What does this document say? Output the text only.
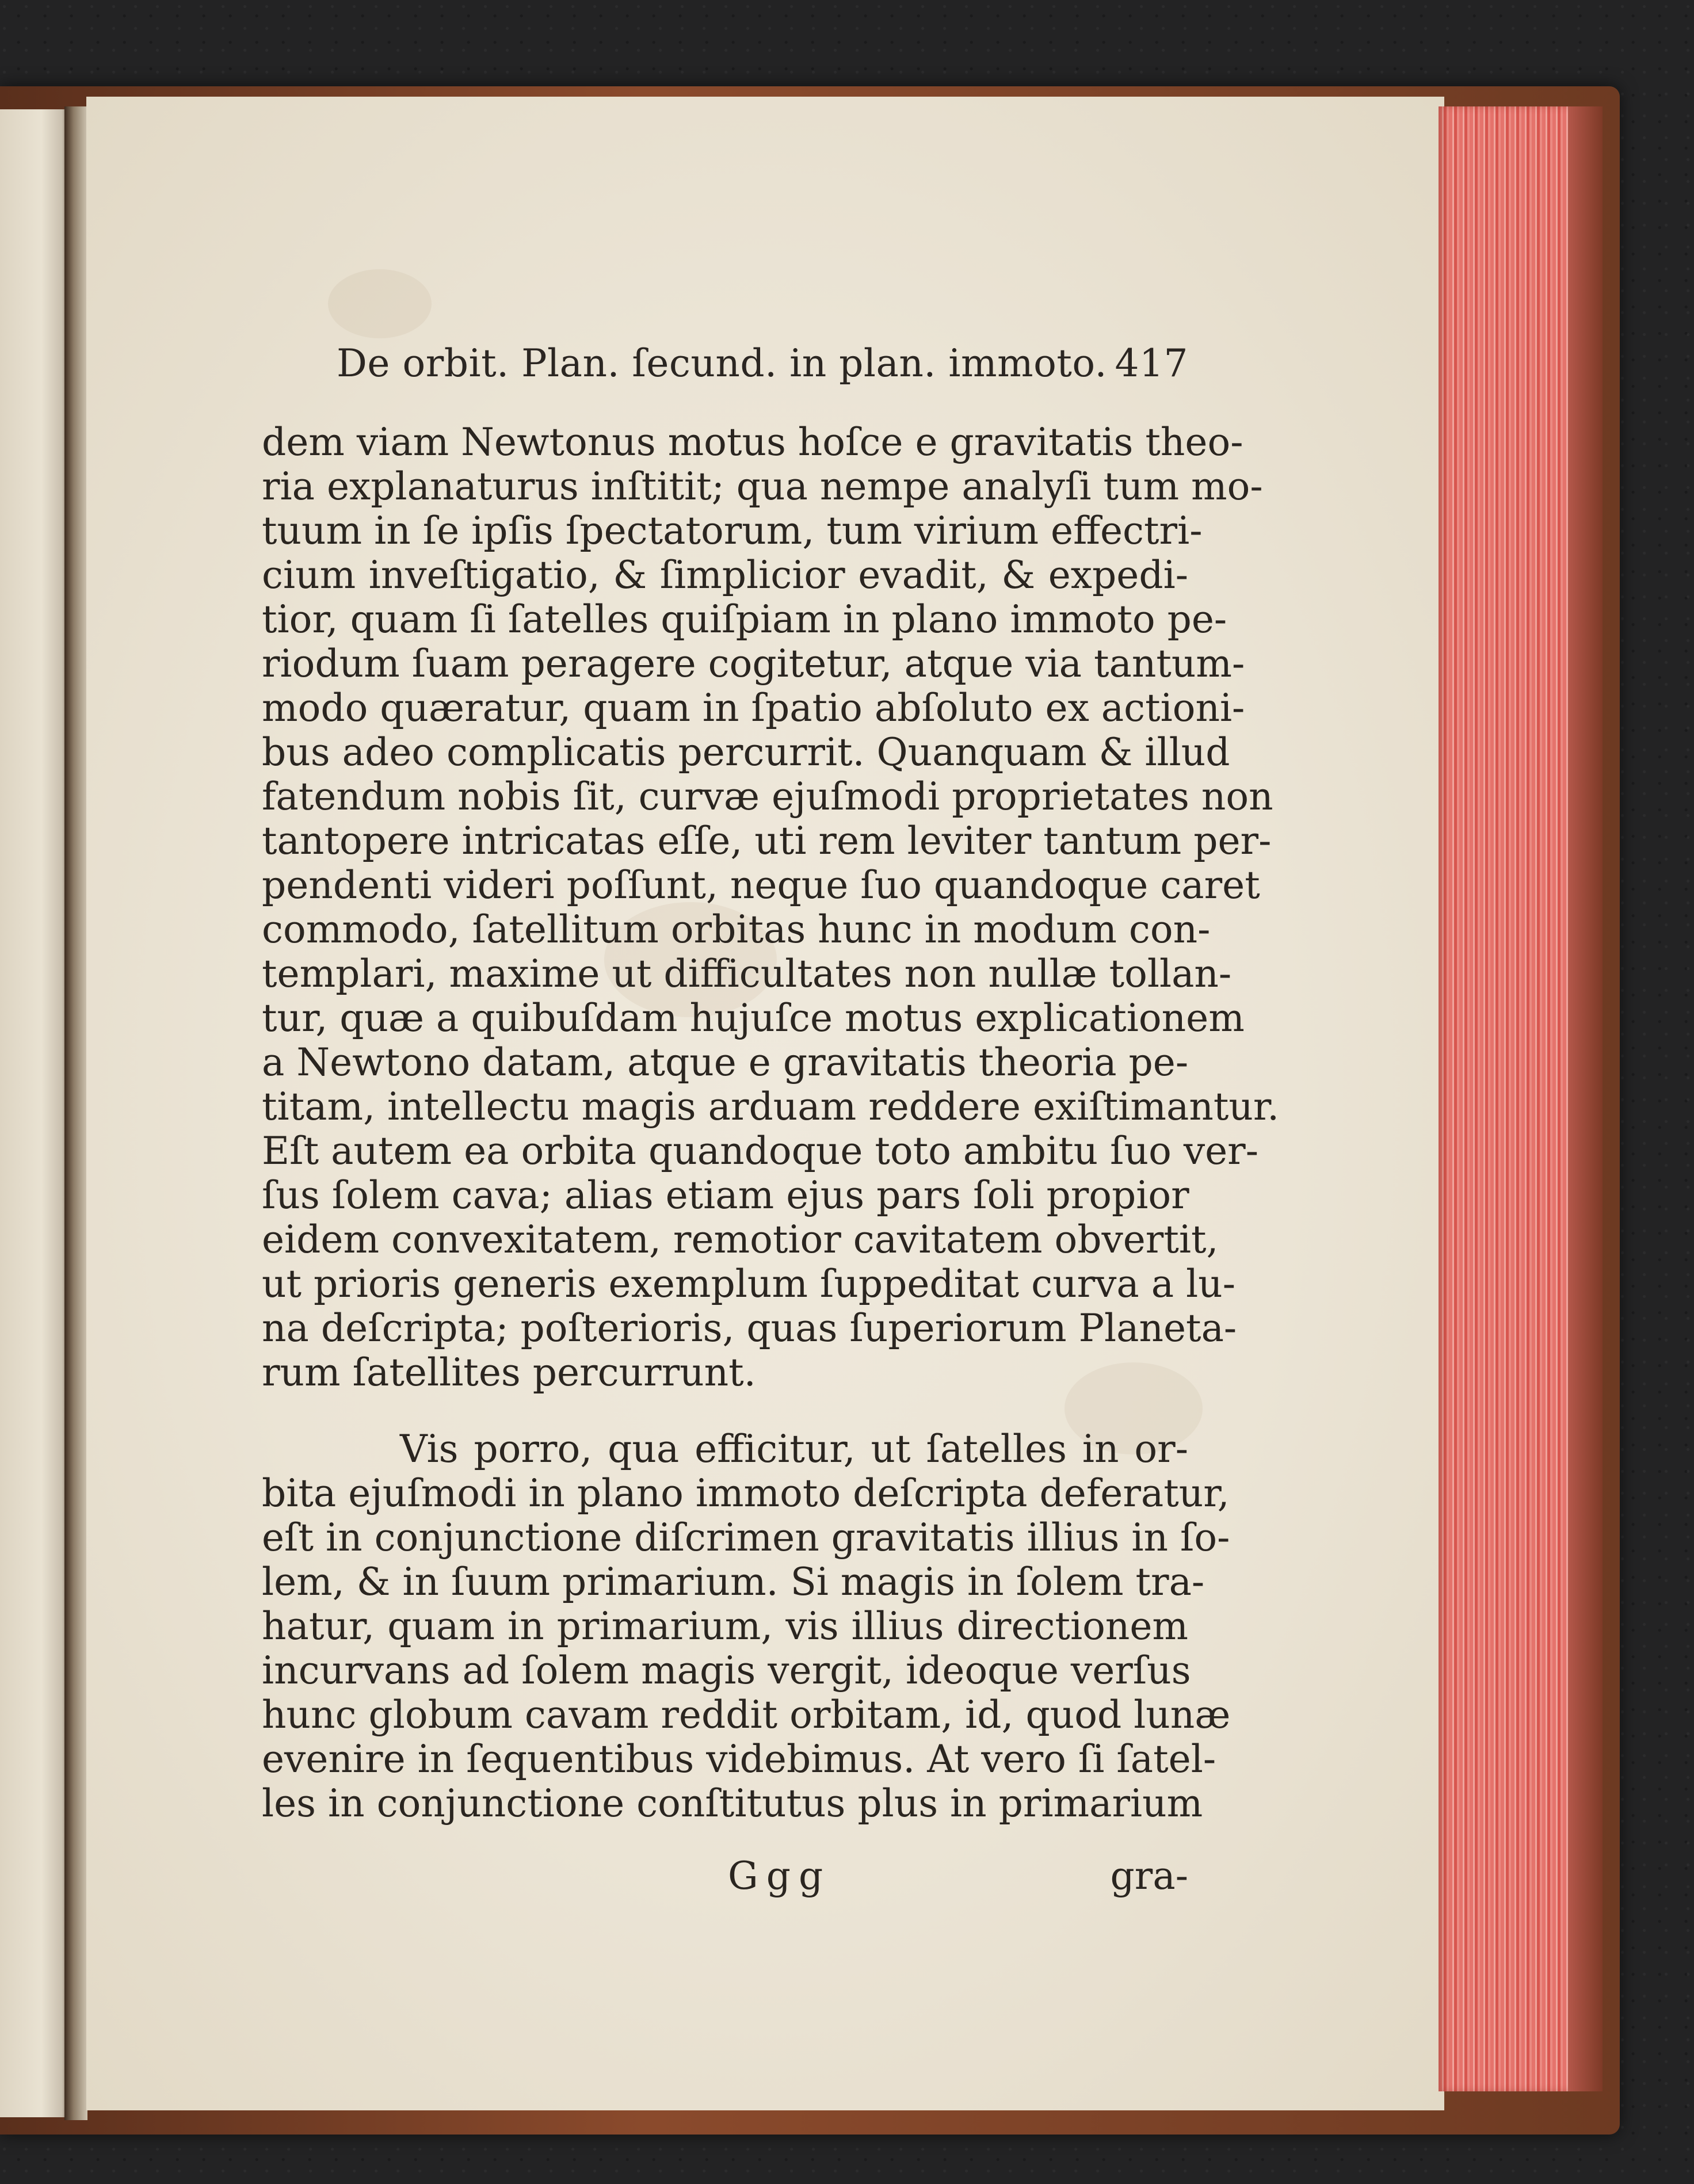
De orbit. Plan. ſecund. in plan. immoto. 417
dem viam Newtonus motus hoſce e gravitatis theo-
ria explanaturus inſtitit; qua nempe analyſi tum mo-
tuum in ſe ipſis ſpectatorum, tum virium effectri-
cium inveſtigatio, & ſimplicior evadit, & expedi-
tior, quam ſi ſatelles quiſpiam in plano immoto pe-
riodum ſuam peragere cogitetur, atque via tantum-
modo quæratur, quam in ſpatio abſoluto ex actioni-
bus adeo complicatis percurrit. Quanquam & illud
fatendum nobis ſit, curvæ ejuſmodi proprietates non
tantopere intricatas eſſe, uti rem leviter tantum per-
pendenti videri poſſunt, neque ſuo quandoque caret
commodo, ſatellitum orbitas hunc in modum con-
templari, maxime ut difficultates non nullæ tollan-
tur, quæ a quibuſdam hujuſce motus explicationem
a Newtono datam, atque e gravitatis theoria pe-
titam, intellectu magis arduam reddere exiſtimantur.
Eſt autem ea orbita quandoque toto ambitu ſuo ver-
ſus ſolem cava; alias etiam ejus pars ſoli propior
eidem convexitatem, remotior cavitatem obvertit,
ut prioris generis exemplum ſuppeditat curva a lu-
na deſcripta; poſterioris, quas ſuperiorum Planeta-
rum ſatellites percurrunt.
Vis porro, qua efficitur, ut ſatelles in or-
bita ejuſmodi in plano immoto deſcripta deferatur,
eſt in conjunctione diſcrimen gravitatis illius in ſo-
lem, & in ſuum primarium. Si magis in ſolem tra-
hatur, quam in primarium, vis illius directionem
incurvans ad ſolem magis vergit, ideoque verſus
hunc globum cavam reddit orbitam, id, quod lunæ
evenire in ſequentibus videbimus. At vero ſi ſatel-
les in conjunctione conſtitutus plus in primarium
Ggg	gra-
